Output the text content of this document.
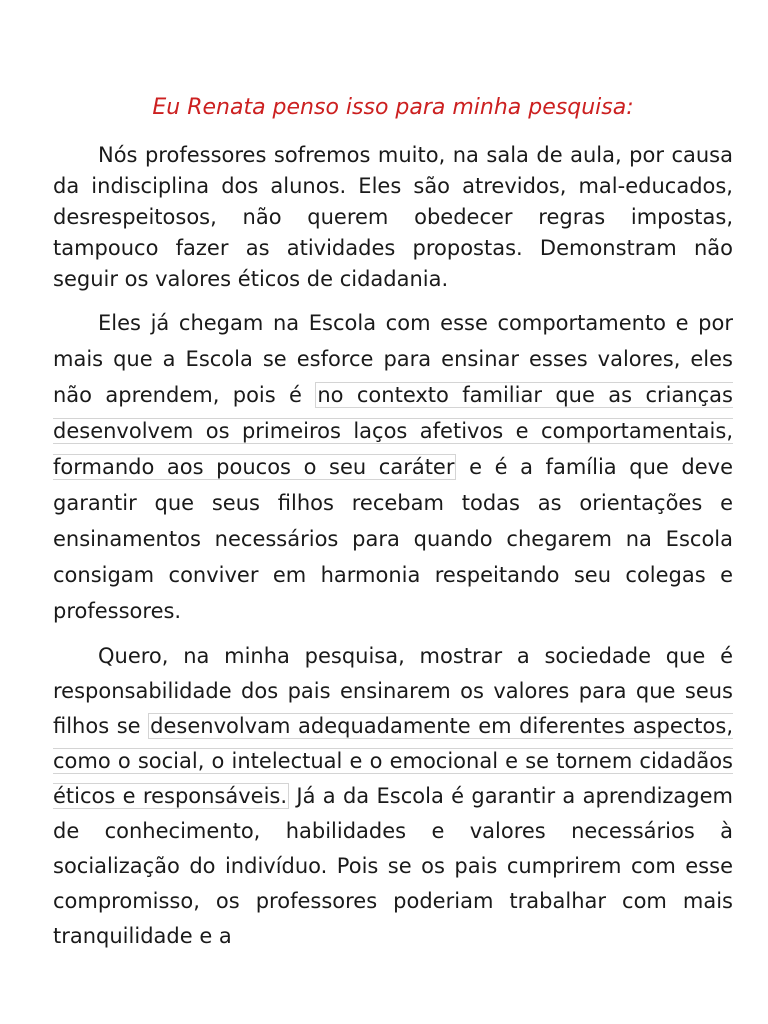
Eu Renata penso isso para minha pesquisa:

Nós professores sofremos muito, na sala de aula, por causa da indisciplina dos alunos. Eles são atrevidos, mal-educados, desrespeitosos, não querem obedecer regras impostas, tampouco fazer as atividades propostas. Demonstram não seguir os valores éticos de cidadania.

Eles já chegam na Escola com esse comportamento e por mais que a Escola se esforce para ensinar esses valores, eles não aprendem, pois é no contexto familiar que as crianças desenvolvem os primeiros laços afetivos e comportamentais, formando aos poucos o seu caráter e é a família que deve garantir que seus filhos recebam todas as orientações e ensinamentos necessários para quando chegarem na Escola consigam conviver em harmonia respeitando seu colegas e professores.

Quero, na minha pesquisa, mostrar a sociedade que é responsabilidade dos pais ensinarem os valores para que seus filhos se desenvolvam adequadamente em diferentes aspectos, como o social, o intelectual e o emocional e se tornem cidadãos éticos e responsáveis. Já a da Escola é garantir a aprendizagem de conhecimento, habilidades e valores necessários à socialização do indivíduo. Pois se os pais cumprirem com esse compromisso, os professores poderiam trabalhar com mais tranquilidade e a
